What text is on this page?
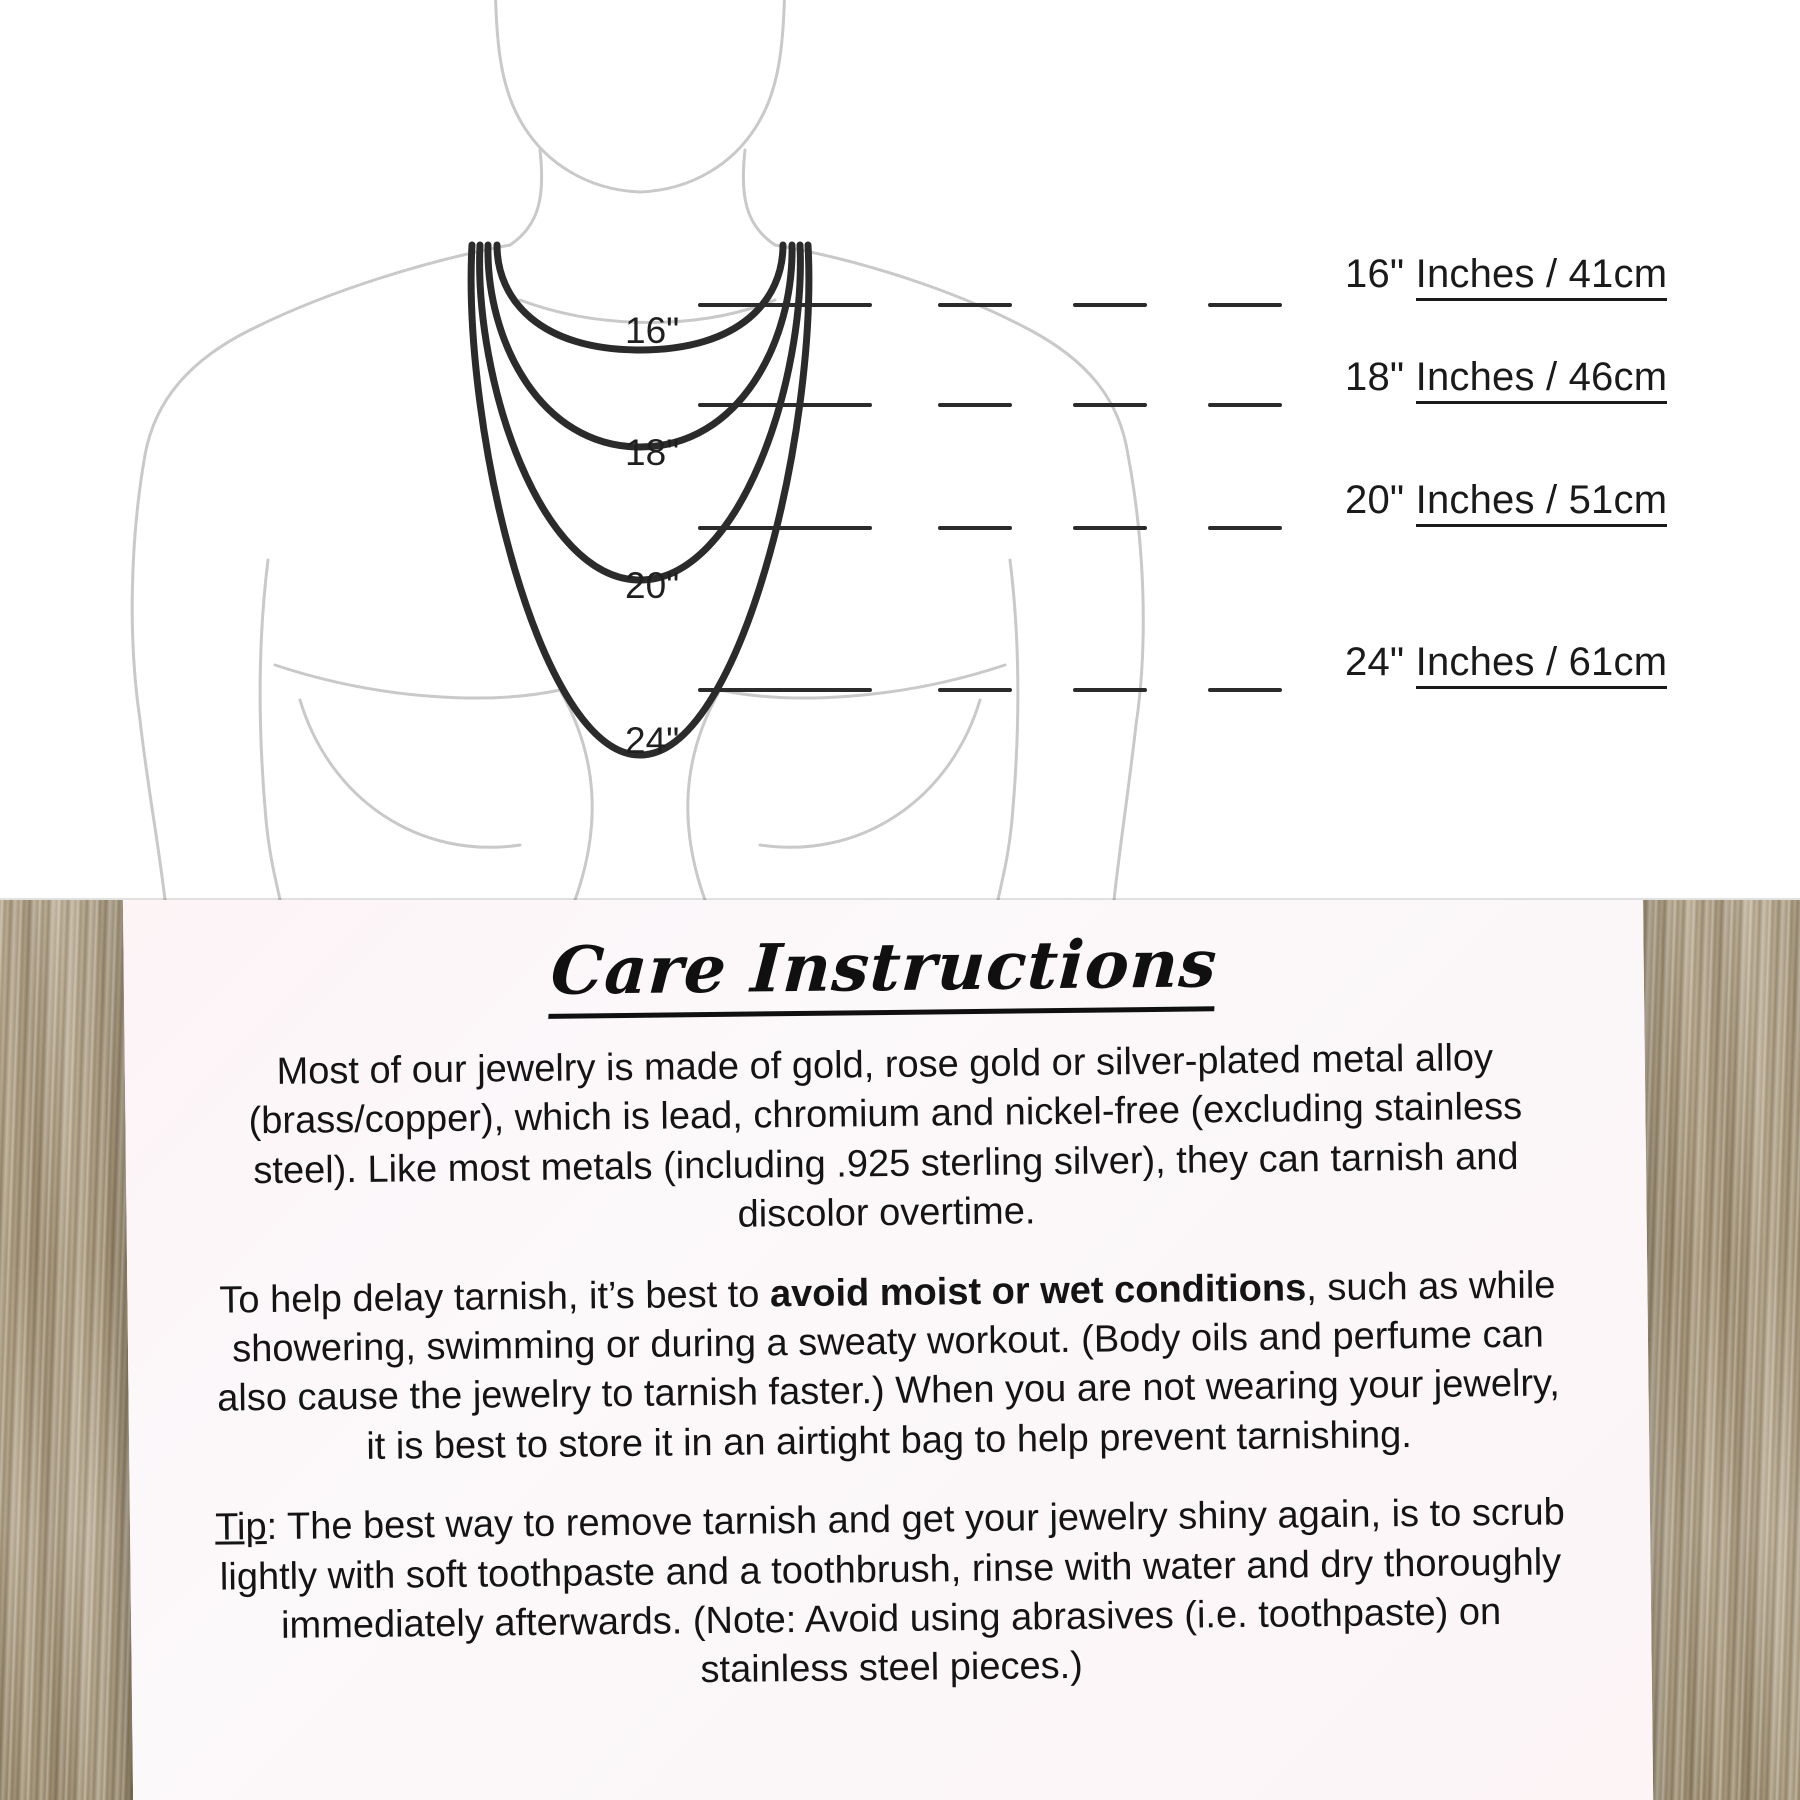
16"
18"
20"
24"
16" Inches / 41cm
18" Inches / 46cm
20" Inches / 51cm
24" Inches / 61cm
Care Instructions

Most of our jewelry is made of gold, rose gold or silver-plated metal alloy (brass/copper), which is lead, chromium and nickel-free (excluding stainless steel). Like most metals (including .925 sterling silver), they can tarnish and discolor overtime.

To help delay tarnish, it’s best to avoid moist or wet conditions, such as while showering, swimming or during a sweaty workout. (Body oils and perfume can also cause the jewelry to tarnish faster.) When you are not wearing your jewelry, it is best to store it in an airtight bag to help prevent tarnishing.

Tip: The best way to remove tarnish and get your jewelry shiny again, is to scrub lightly with soft toothpaste and a toothbrush, rinse with water and dry thoroughly immediately afterwards. (Note: Avoid using abrasives (i.e. toothpaste) on stainless steel pieces.)
